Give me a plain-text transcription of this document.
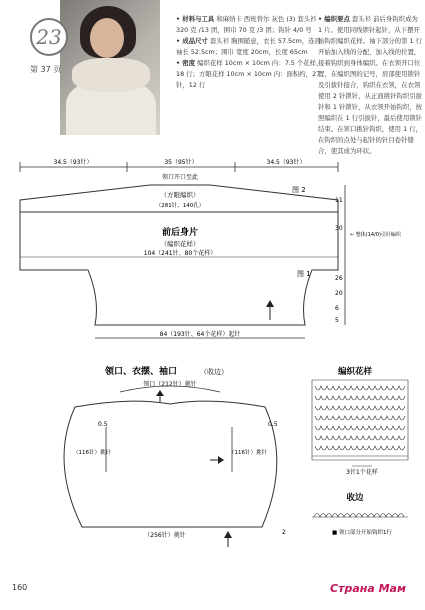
23
第 37 页
• 材料与工具 和麻纳卡 西班替尔 灰色 (3) 套头衫 320 克 /13 团，围巾 70 克 /3 团；钩针 4/0 号
• 成品尺寸 套头衫 胸围随意，衣长 57.5cm，连肩袖长 52.5cm；围巾 宽度 20cm，长度 65cm
• 密度 编织花样 10cm × 10cm 内：7.5 个花样，18 行；方眼花样 10cm × 10cm 内：面积约，27 针，12 行
• 编织要点 套头衫 前后身钩织成为 1 片。使用同线锁针起针，从下摆开始钩织编织花样。袖下部分的第 1 行开始加入线的分配，加入线的位置，接着钩织到身体编织。在衣领开口位置、在编织图的记号，肩部使用锁针及引拔针接合，钩织在衣领，在衣领使用 2 针锁针、从正面挑针钩织引拔针和 1 针锁针，从衣领开始钩织，按照编织在 1 行引拔针，最后使用锁针结束。在领口挑针钩织，使用 1 行，在钩织的点处与起针的针目卷针缝合，使其成为环状。
34.5（93针）	35（95针）	34.5（93针）
领口开口至此
（方眼编织）
（281针、140孔）
图 2
前后身片
（编织花样）
104（241针、80个花样）
图 1
84（193针、64个花样）起针
11
30
← 整体(14/0)引针编织
26
20
6
5
领口、衣摆、袖口	（收边）
领口（212针）挑针
（116针）挑针	（116针）挑针
0.5	0.5
2
（256针）挑针
编织花样
3针1个花样
收边
■ 领口部分开始钩织1行
160	Страна Мам
